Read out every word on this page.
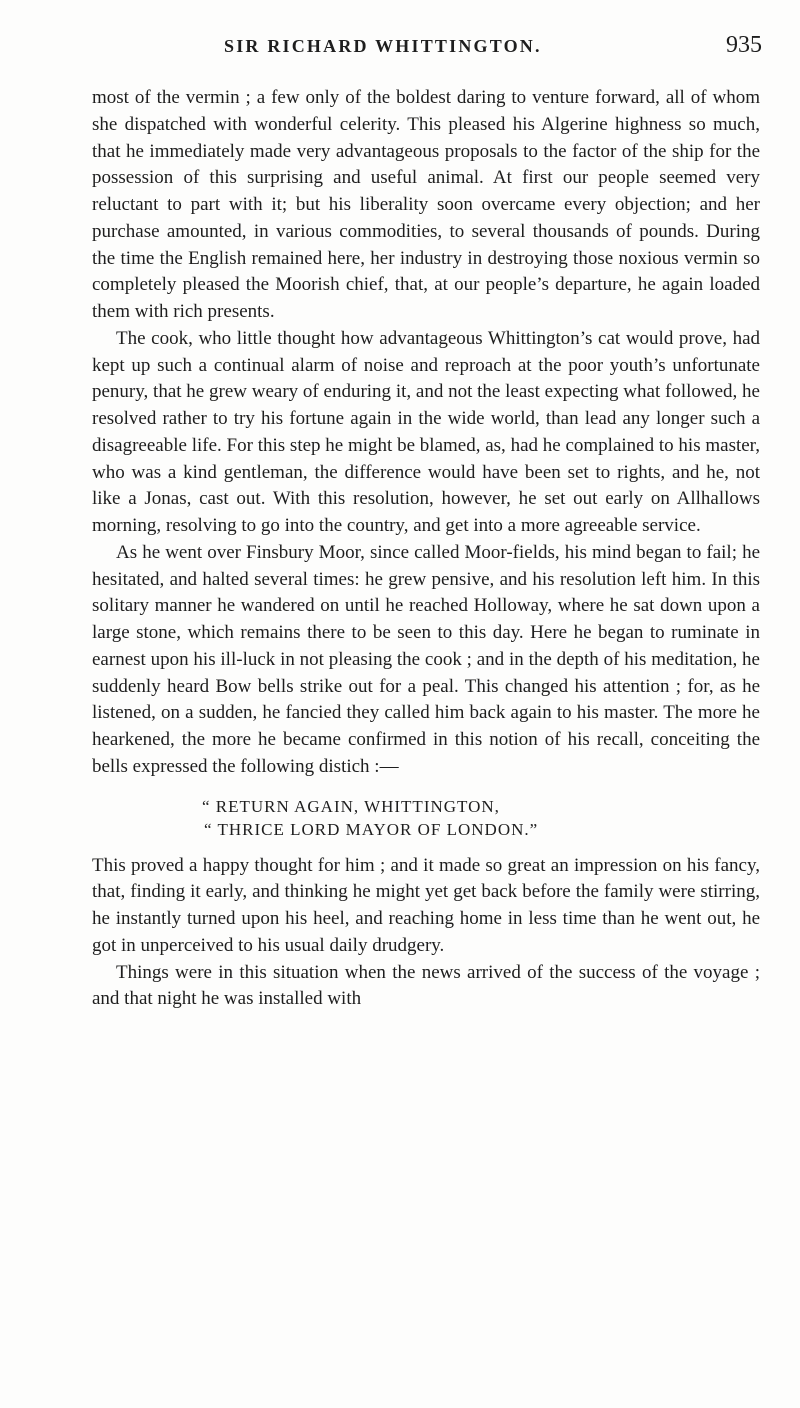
SIR RICHARD WHITTINGTON.	935

most of the vermin ; a few only of the boldest daring to venture forward, all of whom she dispatched with wonderful celerity. This pleased his Algerine highness so much, that he immediately made very advantageous proposals to the factor of the ship for the possession of this surprising and useful animal. At first our people seemed very reluctant to part with it; but his liberality soon overcame every objection; and her purchase amounted, in various commodities, to several thousands of pounds. During the time the English remained here, her industry in destroying those noxious vermin so completely pleased the Moorish chief, that, at our people’s departure, he again loaded them with rich presents.

The cook, who little thought how advantageous Whittington’s cat would prove, had kept up such a continual alarm of noise and reproach at the poor youth’s unfortunate penury, that he grew weary of enduring it, and not the least expecting what followed, he resolved rather to try his fortune again in the wide world, than lead any longer such a disagreeable life. For this step he might be blamed, as, had he complained to his master, who was a kind gentleman, the difference would have been set to rights, and he, not like a Jonas, cast out. With this resolution, however, he set out early on Allhallows morning, resolving to go into the country, and get into a more agreeable service.

As he went over Finsbury Moor, since called Moor-fields, his mind began to fail; he hesitated, and halted several times: he grew pensive, and his resolution left him. In this solitary manner he wandered on until he reached Holloway, where he sat down upon a large stone, which remains there to be seen to this day. Here he began to ruminate in earnest upon his ill-luck in not pleasing the cook ; and in the depth of his meditation, he suddenly heard Bow bells strike out for a peal. This changed his attention ; for, as he listened, on a sudden, he fancied they called him back again to his master. The more he hearkened, the more he became confirmed in this notion of his recall, conceiting the bells expressed the following distich :—

“ RETURN AGAIN, WHITTINGTON,
“ THRICE LORD MAYOR OF LONDON.”

This proved a happy thought for him ; and it made so great an impression on his fancy, that, finding it early, and thinking he might yet get back before the family were stirring, he instantly turned upon his heel, and reaching home in less time than he went out, he got in unperceived to his usual daily drudgery.

Things were in this situation when the news arrived of the success of the voyage ; and that night he was installed with
